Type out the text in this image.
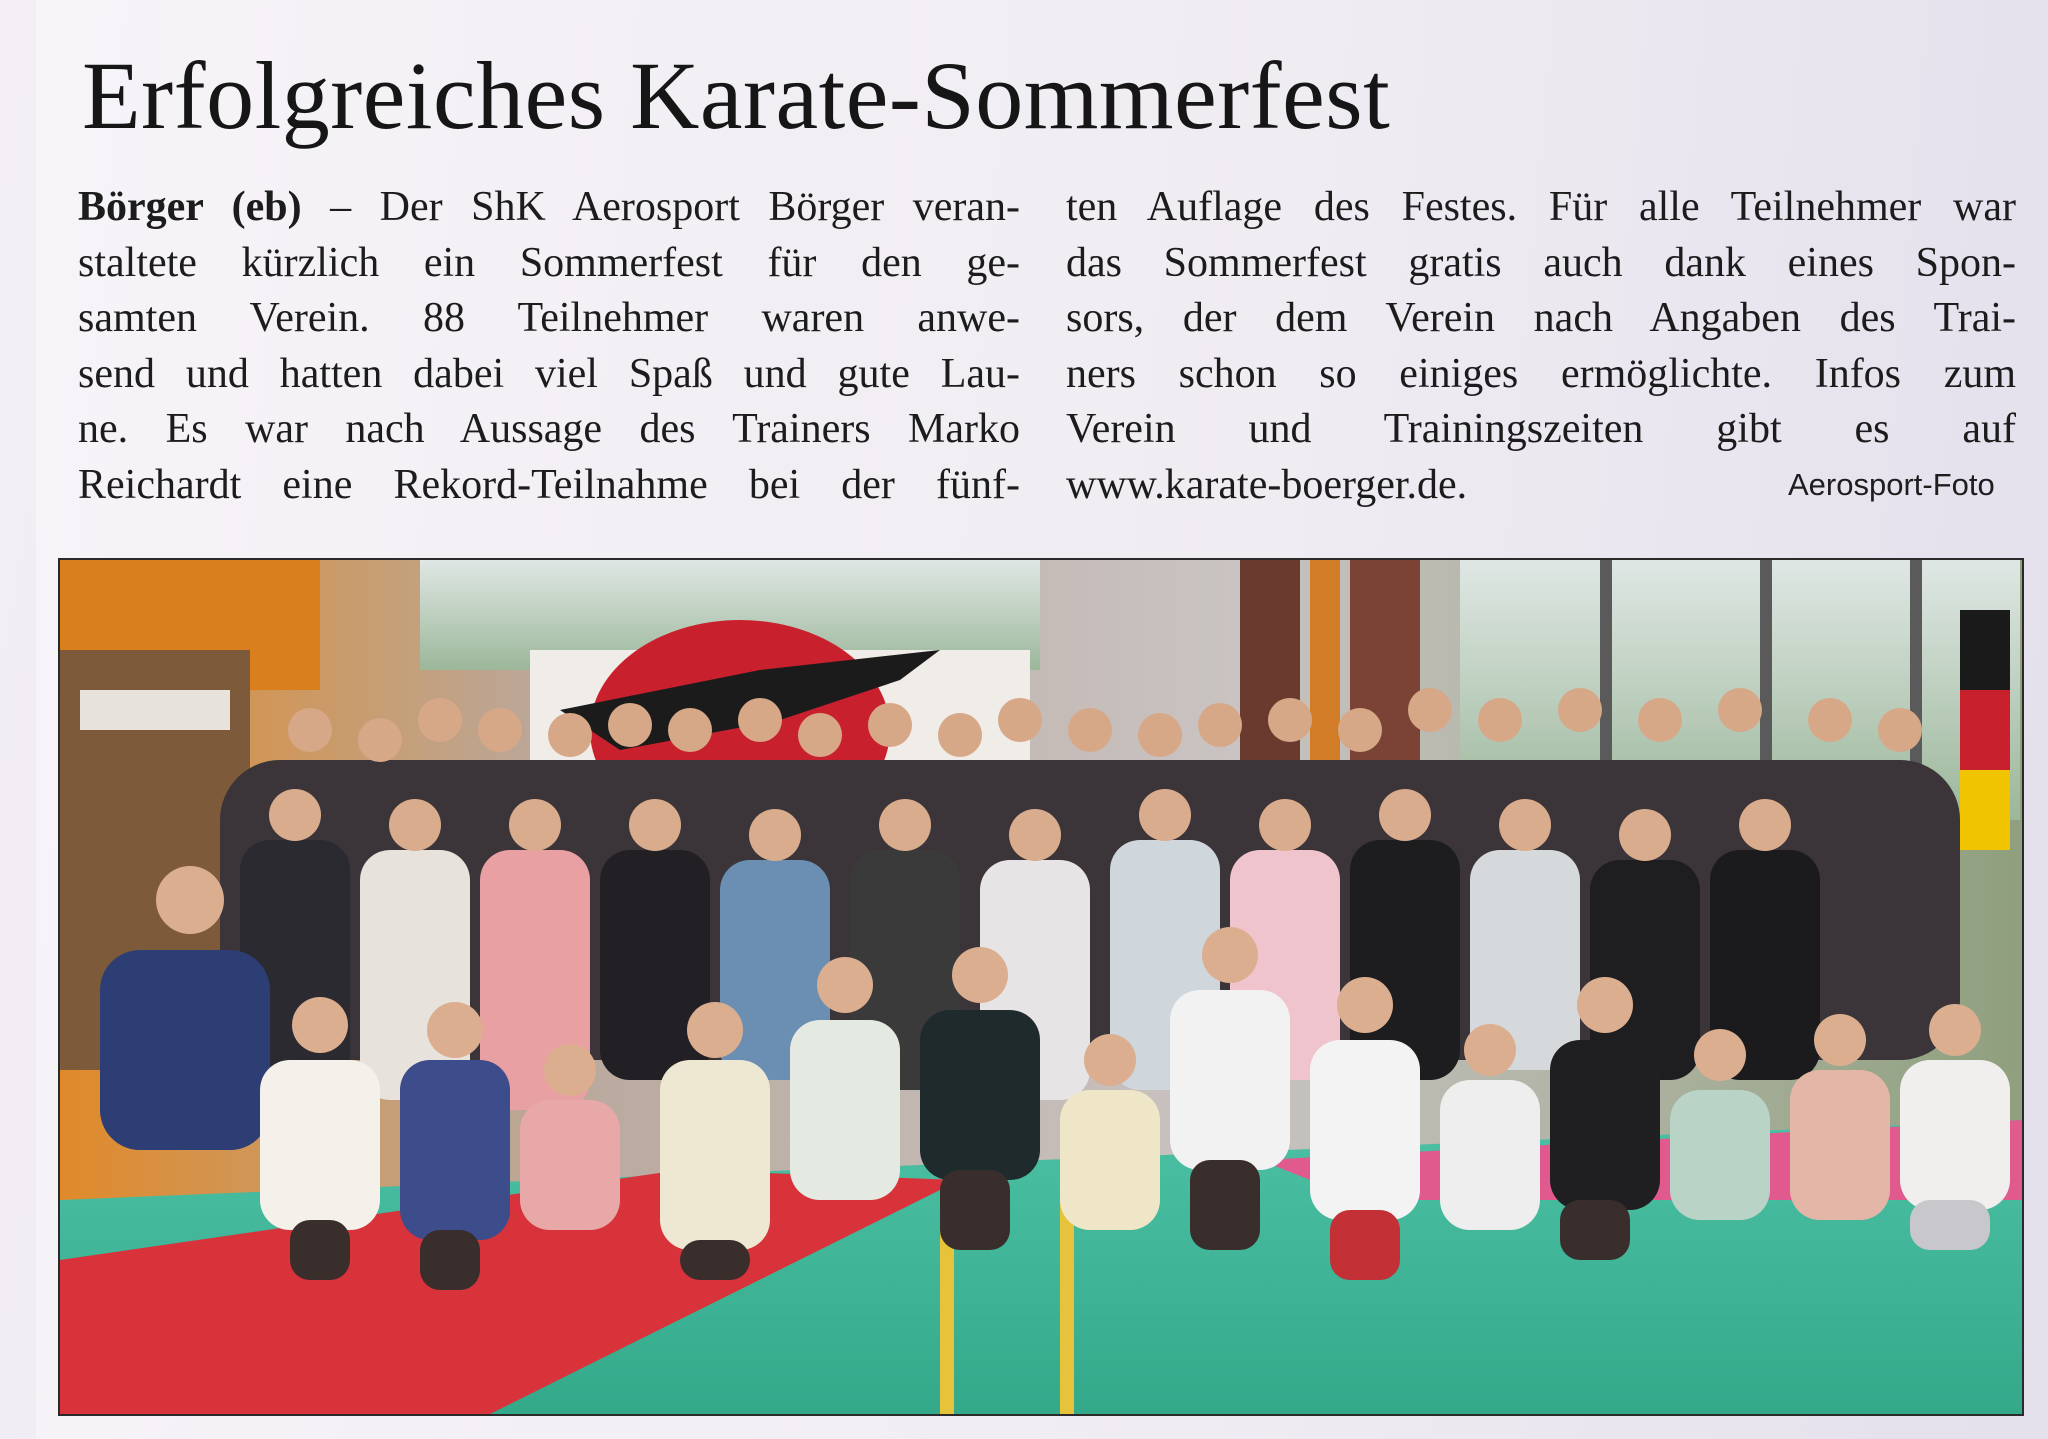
Erfolgreiches Karate-Sommerfest
Börger (eb) – Der ShK Aerosport Börger veran-
staltete kürzlich ein Sommerfest für den ge-
samten Verein. 88 Teilnehmer waren anwe-
send und hatten dabei viel Spaß und gute Lau-
ne. Es war nach Aussage des Trainers Marko
Reichardt eine Rekord-Teilnahme bei der fünf-
ten Auflage des Festes. Für alle Teilnehmer war
das Sommerfest gratis auch dank eines Spon-
sors, der dem Verein nach Angaben des Trai-
ners schon so einiges ermöglichte. Infos zum
Verein und Trainingszeiten gibt es auf
www.karate-boerger.de.	Aerosport-Foto
